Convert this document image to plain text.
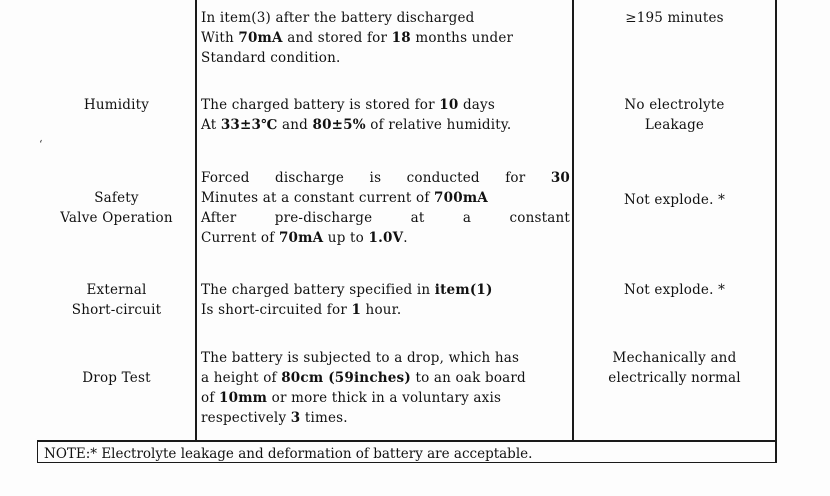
‘
In item(3) after the battery discharged
With 70mA and stored for 18 months under
Standard condition.
≥195 minutes
Humidity	The charged battery is stored for 10 days
At 33±3℃ and 80±5% of relative humidity.
No electrolyte
Leakage
Safety
Valve Operation
Forced discharge is conducted for 30
Minutes at a constant current of 700mA
After pre-discharge at a constant
Current of 70mA up to 1.0V.
Not explode. *
External
Short-circuit
The charged battery specified in item(1)
Is short-circuited for 1 hour.
Not explode. *
Drop Test
The battery is subjected to a drop, which has
a height of 80cm (59inches) to an oak board
of 10mm or more thick in a voluntary axis
respectively 3 times.
Mechanically and
electrically normal
NOTE:* Electrolyte leakage and deformation of battery are acceptable.
